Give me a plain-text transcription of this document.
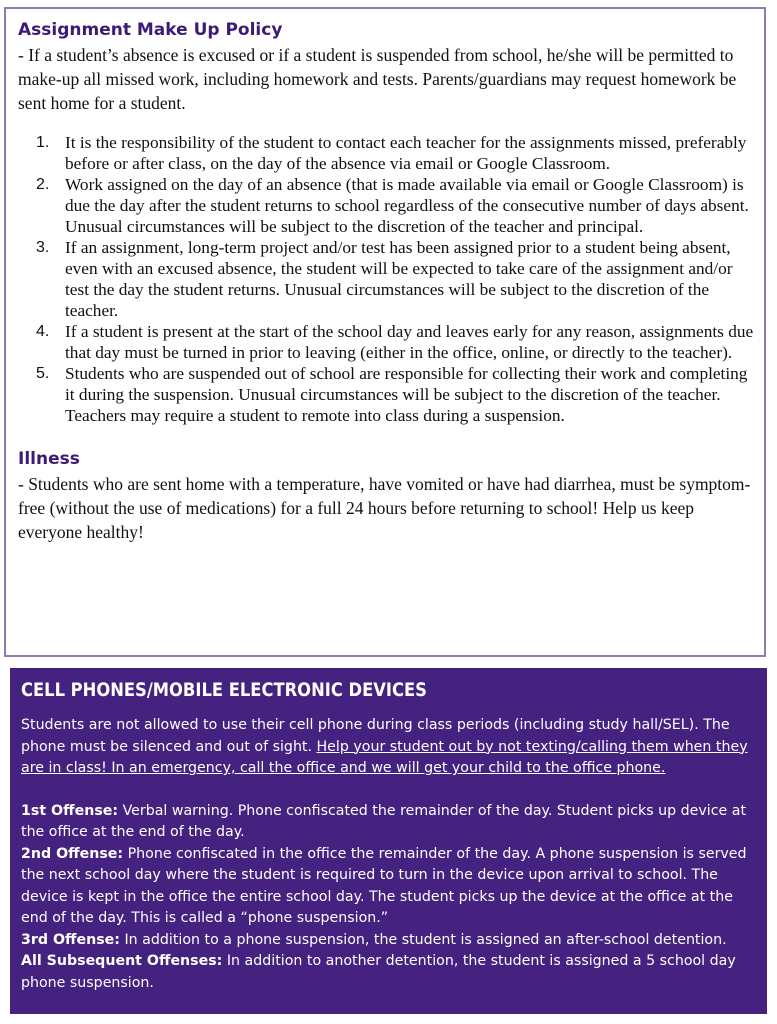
Assignment Make Up Policy

- If a student’s absence is excused or if a student is suspended from school, he/she will be permitted to make-up all missed work, including homework and tests. Parents/guardians may request homework be sent home for a student.

1. It is the responsibility of the student to contact each teacher for the assignments missed, preferably before or after class, on the day of the absence via email or Google Classroom.
2. Work assigned on the day of an absence (that is made available via email or Google Classroom) is due the day after the student returns to school regardless of the consecutive number of days absent. Unusual circumstances will be subject to the discretion of the teacher and principal.
3. If an assignment, long-term project and/or test has been assigned prior to a student being absent, even with an excused absence, the student will be expected to take care of the assignment and/or test the day the student returns. Unusual circumstances will be subject to the discretion of the teacher.
4. If a student is present at the start of the school day and leaves early for any reason, assignments due that day must be turned in prior to leaving (either in the office, online, or directly to the teacher).
5. Students who are suspended out of school are responsible for collecting their work and completing it during the suspension. Unusual circumstances will be subject to the discretion of the teacher. Teachers may require a student to remote into class during a suspension.
Illness

- Students who are sent home with a temperature, have vomited or have had diarrhea, must be symptom-free (without the use of medications) for a full 24 hours before returning to school! Help us keep everyone healthy!

CELL PHONES/MOBILE ELECTRONIC DEVICES

Students are not allowed to use their cell phone during class periods (including study hall/SEL). The phone must be silenced and out of sight. Help your student out by not texting/calling them when they are in class! In an emergency, call the office and we will get your child to the office phone.

1st Offense: Verbal warning. Phone confiscated the remainder of the day. Student picks up device at the office at the end of the day.

2nd Offense: Phone confiscated in the office the remainder of the day. A phone suspension is served the next school day where the student is required to turn in the device upon arrival to school. The device is kept in the office the entire school day. The student picks up the device at the office at the end of the day. This is called a “phone suspension.”

3rd Offense: In addition to a phone suspension, the student is assigned an after-school detention.

All Subsequent Offenses: In addition to another detention, the student is assigned a 5 school day phone suspension.
